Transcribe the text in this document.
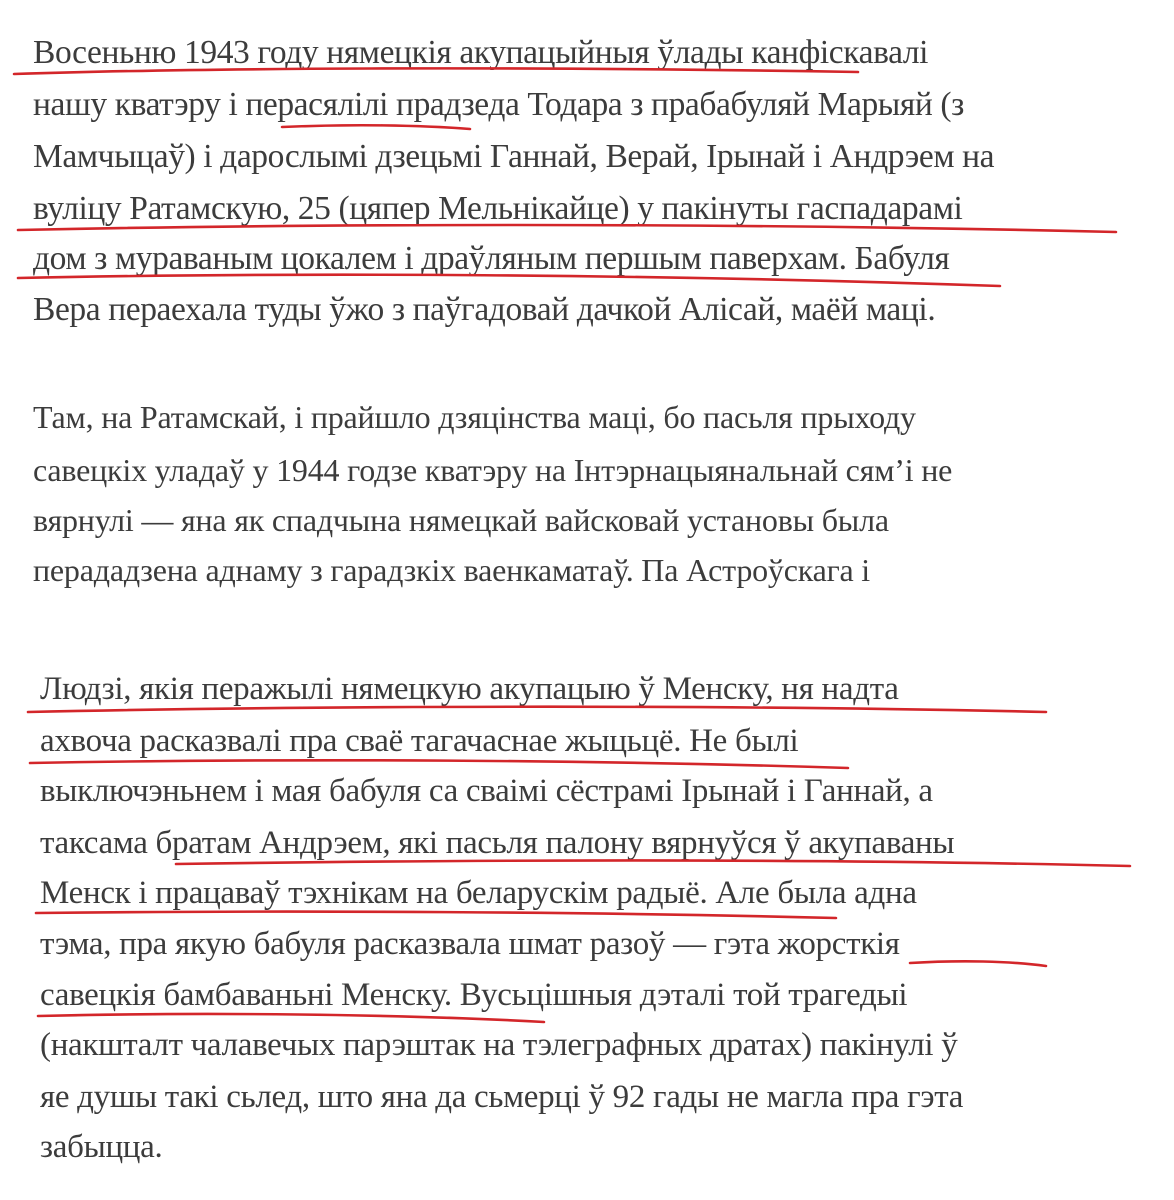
Восеньню 1943 году нямецкія акупацыйныя ўлады канфіскавалі
нашу кватэру і перасялілі прадзеда Тодара з прабабуляй Марыяй (з
Мамчыцаў) і дарослымі дзецьмі Ганнай, Верай, Ірынай і Андрэем на
вуліцу Ратамскую, 25 (цяпер Мельнікайце) у пакінуты гаспадарамі
дом з мураваным цокалем і драўляным першым паверхам. Бабуля
Вера пераехала туды ўжо з паўгадовай дачкой Алісай, маёй маці.
Там, на Ратамскай, і прайшло дзяцінства маці, бо пасьля прыходу
савецкіх уладаў у 1944 годзе кватэру на Інтэрнацыянальнай сям’і не
вярнулі — яна як спадчына нямецкай вайсковай установы была
перададзена аднаму з гарадзкіх ваенкаматаў. Па Астроўскага і
Людзі, якія перажылі нямецкую акупацыю ў Менску, ня надта
ахвоча расказвалі пра сваё тагачаснае жыцьцё. Не былі
выключэньнем і мая бабуля са сваімі сёстрамі Ірынай і Ганнай, а
таксама братам Андрэем, які пасьля палону вярнуўся ў акупаваны
Менск і працаваў тэхнікам на беларускім радыё. Але была адна
тэма, пра якую бабуля расказвала шмат разоў — гэта жорсткія
савецкія бамбаваньні Менску. Вусьцішныя дэталі той трагедыі
(накшталт чалавечых парэштак на тэлеграфных дратах) пакінулі ў
яе душы такі сьлед, што яна да сьмерці ў 92 гады не магла пра гэта
забыцца.
